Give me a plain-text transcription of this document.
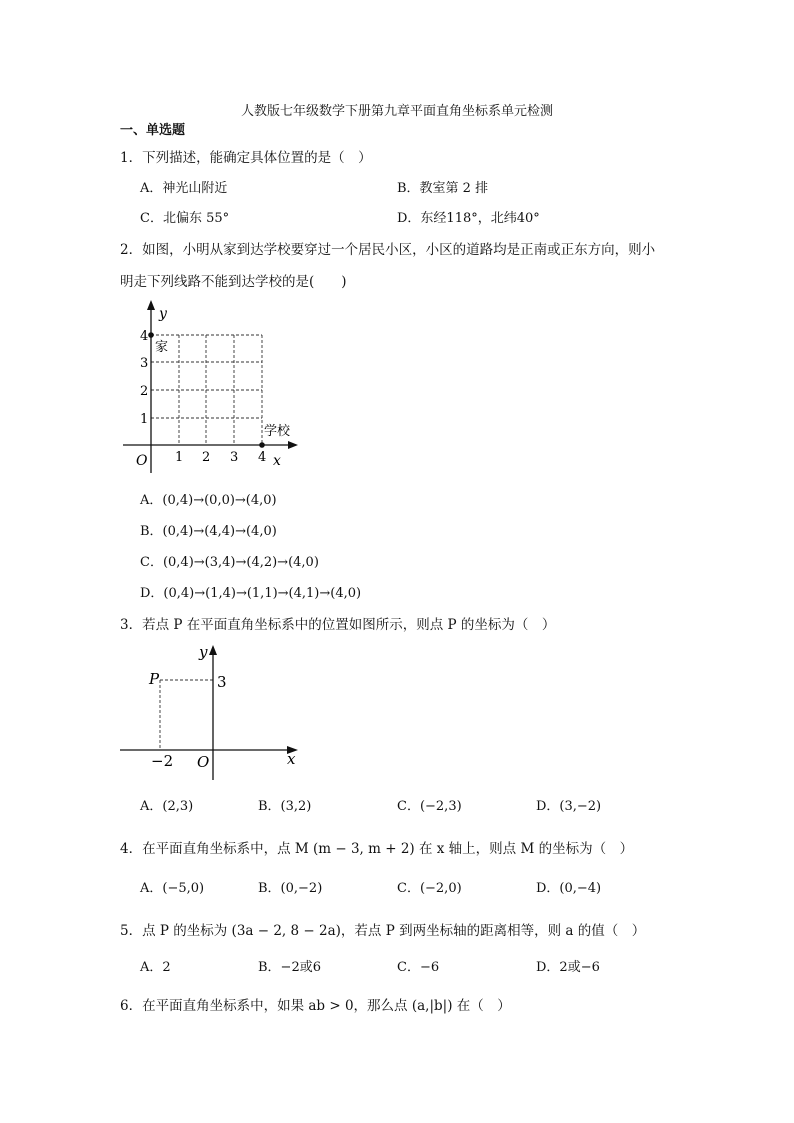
人教版七年级数学下册第九章平面直角坐标系单元检测
一、单选题
1．下列描述，能确定具体位置的是（　）
A．神光山附近	B．教室第 2 排
C．北偏东 55°	D．东经118°，北纬40°
2．如图，小明从家到达学校要穿过一个居民小区，小区的道路均是正南或正东方向，则小
明走下列线路不能到达学校的是(　　)
y
x
O 1 2 3 4
1
2
3
4
家
学校
A．(0,4)→(0,0)→(4,0)
B．(0,4)→(4,4)→(4,0)
C．(0,4)→(3,4)→(4,2)→(4,0)
D．(0,4)→(1,4)→(1,1)→(4,1)→(4,0)
3．若点 P 在平面直角坐标系中的位置如图所示，则点 P 的坐标为（　）
y
x
O
P	3
−2
A．(2,3)	B．(3,2)	C．(−2,3)	D．(3,−2)
4．在平面直角坐标系中，点 M (m − 3, m + 2) 在 x 轴上，则点 M 的坐标为（　）
A．(−5,0)	B．(0,−2)	C．(−2,0)	D．(0,−4)
5．点 P 的坐标为 (3a − 2, 8 − 2a)，若点 P 到两坐标轴的距离相等，则 a 的值（　）
A．2	B．−2或6	C．−6	D．2或−6
6．在平面直角坐标系中，如果 ab > 0，那么点 (a,|b|) 在（　）
